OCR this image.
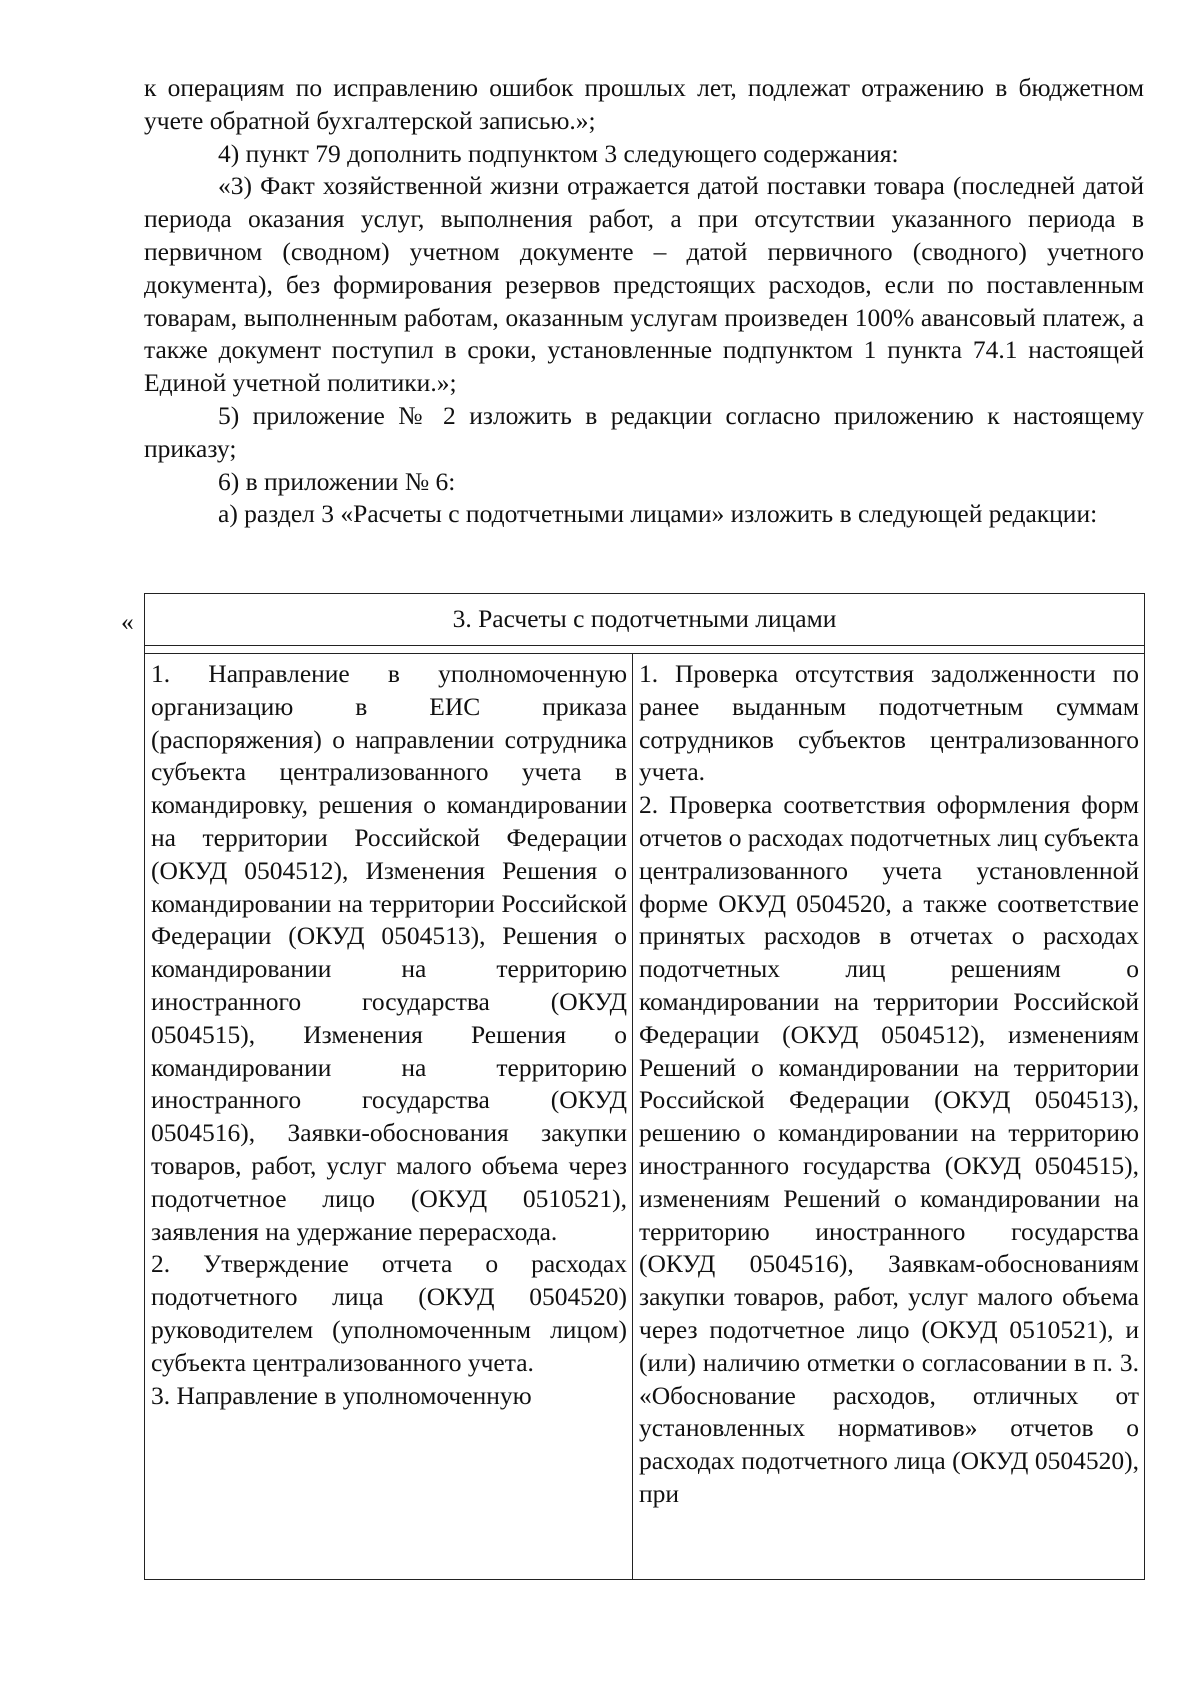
к операциям по исправлению ошибок прошлых лет, подлежат отражению в бюджетном учете обратной бухгалтерской записью.»;

4) пункт 79 дополнить подпунктом 3 следующего содержания:

«3) Факт хозяйственной жизни отражается датой поставки товара (последней датой периода оказания услуг, выполнения работ, а при отсутствии указанного периода в первичном (сводном) учетном документе – датой первичного (сводного) учетного документа), без формирования резервов предстоящих расходов, если по поставленным товарам, выполненным работам, оказанным услугам произведен 100% авансовый платеж, а также документ поступил в сроки, установленные подпунктом 1 пункта 74.1 настоящей Единой учетной политики.»;

5) приложение № 2 изложить в редакции согласно приложению к настоящему приказу;

6) в приложении № 6:

а) раздел 3 «Расчеты с подотчетными лицами» изложить в следующей редакции:

«	3. Расчеты с подотчетными лицами

1. Направление в уполномоченную организацию в ЕИС приказа (распоряжения) о направлении сотрудника субъекта централизованного учета в командировку, решения о командировании на территории Российской Федерации (ОКУД 0504512), Изменения Решения о командировании на территории Российской Федерации (ОКУД 0504513), Решения о командировании на территорию иностранного государства (ОКУД 0504515), Изменения Решения о командировании на территорию иностранного государства (ОКУД 0504516), Заявки-обоснования закупки товаров, работ, услуг малого объема через подотчетное лицо (ОКУД 0510521), заявления на удержание перерасхода.

2. Утверждение отчета о расходах подотчетного лица (ОКУД 0504520) руководителем (уполномоченным лицом) субъекта централизованного учета.

3. Направление в уполномоченную

1. Проверка отсутствия задолженности по ранее выданным подотчетным суммам сотрудников субъектов централизованного учета.

2. Проверка соответствия оформления форм отчетов о расходах подотчетных лиц субъекта централизованного учета установленной форме ОКУД 0504520, а также соответствие принятых расходов в отчетах о расходах подотчетных лиц решениям о командировании на территории Российской Федерации (ОКУД 0504512), изменениям Решений о командировании на территории Российской Федерации (ОКУД 0504513), решению о командировании на территорию иностранного государства (ОКУД 0504515), изменениям Решений о командировании на территорию иностранного государства (ОКУД 0504516), Заявкам-обоснованиям закупки товаров, работ, услуг малого объема через подотчетное лицо (ОКУД 0510521), и (или) наличию отметки о согласовании в п. 3. «Обоснование расходов, отличных от установленных нормативов» отчетов о расходах подотчетного лица (ОКУД 0504520), при
